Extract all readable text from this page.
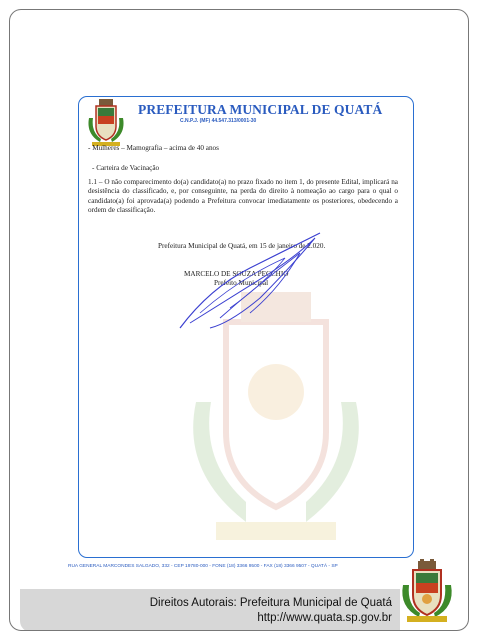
PREFEITURA MUNICIPAL DE QUATÁ
C.N.P.J. (MF) 44.547.313/0001-30
- Mulheres – Mamografia – acima de 40 anos
- Carteira de Vacinação
1.1 – O não comparecimento do(a) candidato(a) no prazo fixado no item 1, do presente Edital, implicará na desistência do classificado, e, por conseguinte, na perda do direito à nomeação ao cargo para o qual o candidato(a) foi aprovada(a) podendo a Prefeitura convocar imediatamente os posteriores, obedecendo a ordem de classificação.
Prefeitura Municipal de Quatá, em 15 de janeiro de 2.020.
MARCELO DE SOUZA PECCHIO
Prefeito Municipal
RUA GENERAL MARCONDES SALGADO, 332 - CEP 19780-000 - FONE (18) 3366 9500 - FAX (18) 3366 9507 - QUATÁ - SP
Direitos Autorais: Prefeitura Municipal de Quatá
http://www.quata.sp.gov.br
